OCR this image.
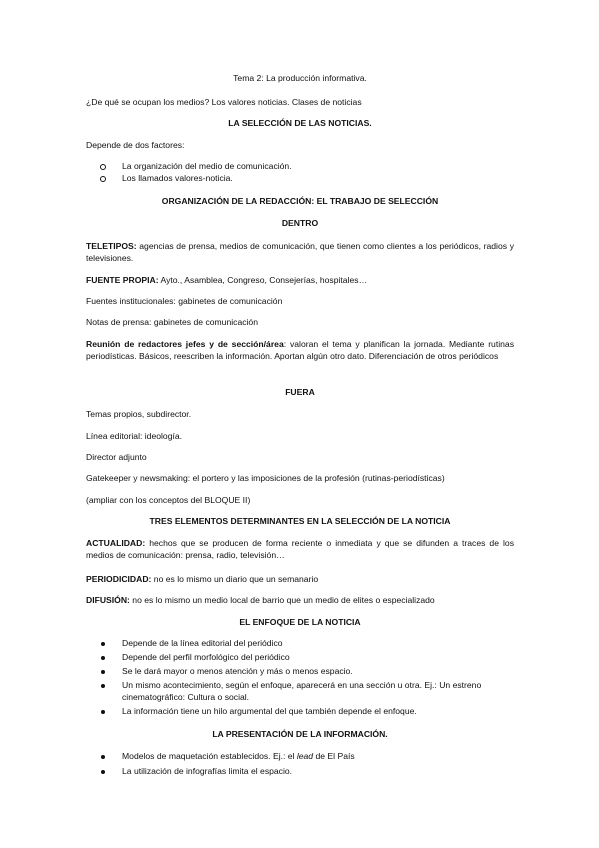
Tema 2: La producción informativa.

¿De qué se ocupan los medios? Los valores noticias. Clases de noticias

LA SELECCIÓN DE LAS NOTICIAS.

Depende de dos factores:

La organización del medio de comunicación.
Los llamados valores-noticia.

ORGANIZACIÓN DE LA REDACCIÓN: EL TRABAJO DE SELECCIÓN

DENTRO

TELETIPOS: agencias de prensa, medios de comunicación, que tienen como clientes a los periódicos, radios y televisiones.

FUENTE PROPIA: Ayto., Asamblea, Congreso, Consejerías, hospitales…

Fuentes institucionales: gabinetes de comunicación

Notas de prensa: gabinetes de comunicación

Reunión de redactores jefes y de sección/área: valoran el tema y planifican la jornada. Mediante rutinas periodísticas. Básicos, reescriben la información. Aportan algún otro dato. Diferenciación de otros periódicos

FUERA

Temas propios, subdirector.

Línea editorial: ideología.

Director adjunto

Gatekeeper y newsmaking: el portero y las imposiciones de la profesión (rutinas-periodísticas)

(ampliar con los conceptos del BLOQUE II)

TRES ELEMENTOS DETERMINANTES EN LA SELECCIÓN DE LA NOTICIA

ACTUALIDAD: hechos que se producen de forma reciente o inmediata y que se difunden a traces de los medios de comunicación: prensa, radio, televisión…

PERIODICIDAD: no es lo mismo un diario que un semanario

DIFUSIÓN: no es lo mismo un medio local de barrio que un medio de elites o especializado

EL ENFOQUE DE LA NOTICIA

Depende de la línea editorial del periódico
Depende del perfil morfológico del periódico
Se le dará mayor o menos atención y más o menos espacio.
Un mismo acontecimiento, según el enfoque, aparecerá en una sección u otra. Ej.: Un estreno cinematográfico: Cultura o social.
La información tiene un hilo argumental del que también depende el enfoque.

LA PRESENTACIÓN DE LA INFORMACIÓN.

Modelos de maquetación establecidos. Ej.: el lead de El País
La utilización de infografías limita el espacio.
